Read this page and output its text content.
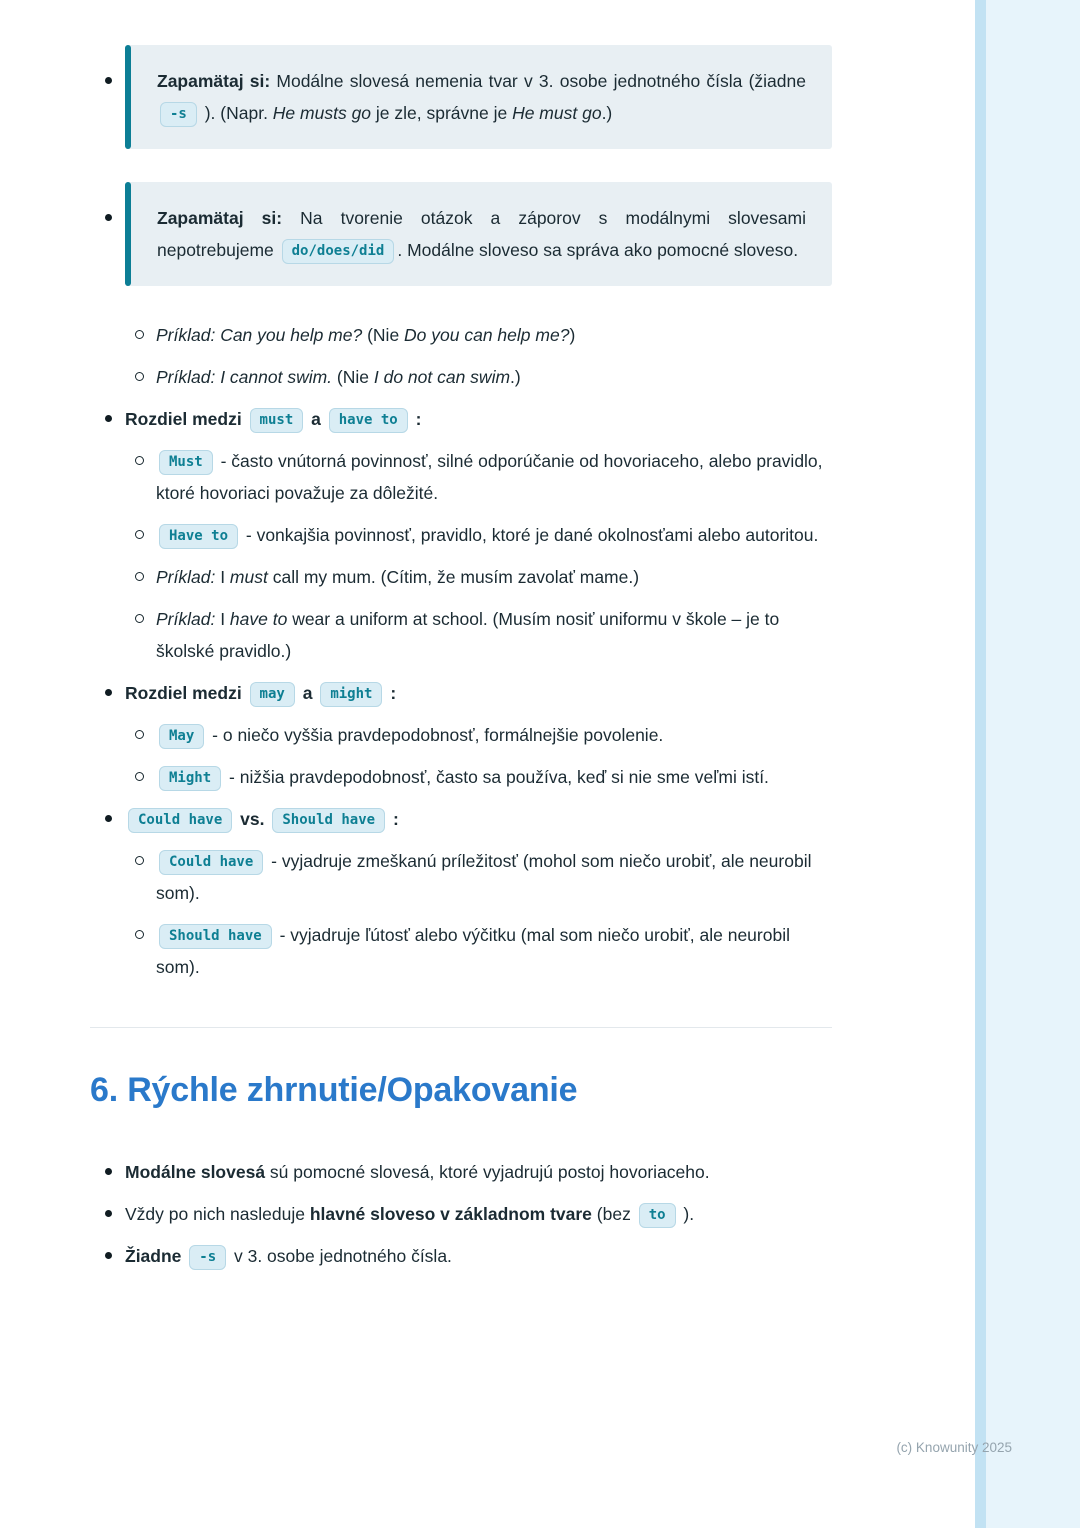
Zapamätaj si: Modálne slovesá nemenia tvar v 3. osobe jednotného čísla (žiadne -s ). (Napr. He musts go je zle, správne je He must go.)

Zapamätaj si: Na tvorenie otázok a záporov s modálnymi slovesami nepotrebujeme do/does/did . Modálne sloveso sa správa ako pomocné sloveso.

Príklad: Can you help me? (Nie Do you can help me?)

Príklad: I cannot swim. (Nie I do not can swim.)

Rozdiel medzi must a have to :

Must - často vnútorná povinnosť, silné odporúčanie od hovoriaceho, alebo pravidlo, ktoré hovoriaci považuje za dôležité.

Have to - vonkajšia povinnosť, pravidlo, ktoré je dané okolnosťami alebo autoritou.

Príklad: I must call my mum. (Cítim, že musím zavolať mame.)

Príklad: I have to wear a uniform at school. (Musím nosiť uniformu v škole – je to školské pravidlo.)

Rozdiel medzi may a might :

May - o niečo vyššia pravdepodobnosť, formálnejšie povolenie.

Might - nižšia pravdepodobnosť, často sa používa, keď si nie sme veľmi istí.

Could have vs. Should have :

Could have - vyjadruje zmeškanú príležitosť (mohol som niečo urobiť, ale neurobil som).

Should have - vyjadruje ľútosť alebo výčitku (mal som niečo urobiť, ale neurobil som).

6. Rýchle zhrnutie/Opakovanie

Modálne slovesá sú pomocné slovesá, ktoré vyjadrujú postoj hovoriaceho.

Vždy po nich nasleduje hlavné sloveso v základnom tvare (bez to ).

Žiadne -s v 3. osobe jednotného čísla.

(c) Knowunity 2025
